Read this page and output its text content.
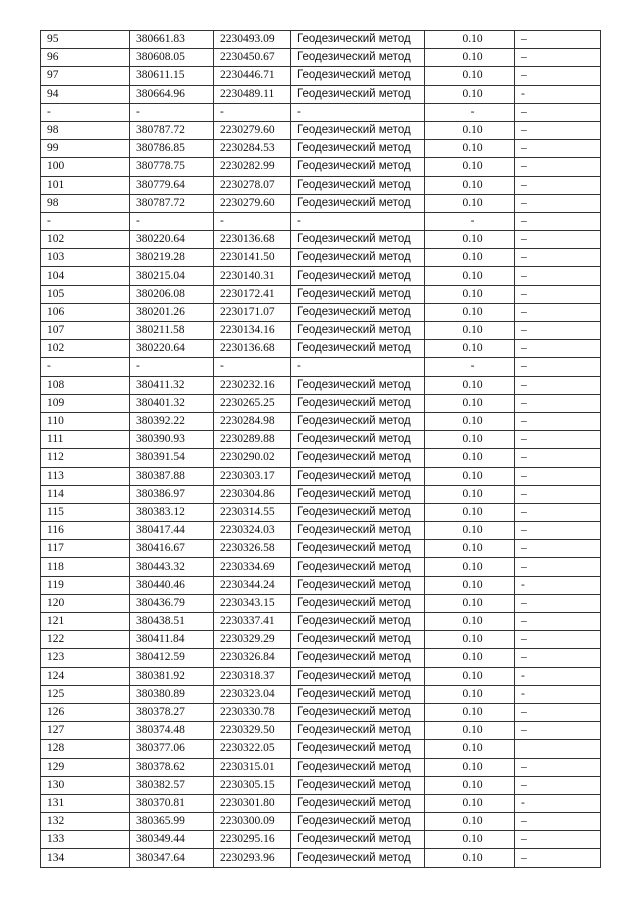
95	380661.83	2230493.09	Геодезический метод	0.10	–
96	380608.05	2230450.67	Геодезический метод	0.10	–
97	380611.15	2230446.71	Геодезический метод	0.10	–
94	380664.96	2230489.11	Геодезический метод	0.10	-
-	-	-	-	-	–
98	380787.72	2230279.60	Геодезический метод	0.10	–
99	380786.85	2230284.53	Геодезический метод	0.10	–
100	380778.75	2230282.99	Геодезический метод	0.10	–
101	380779.64	2230278.07	Геодезический метод	0.10	–
98	380787.72	2230279.60	Геодезический метод	0.10	–
-	-	-	-	-	–
102	380220.64	2230136.68	Геодезический метод	0.10	–
103	380219.28	2230141.50	Геодезический метод	0.10	–
104	380215.04	2230140.31	Геодезический метод	0.10	–
105	380206.08	2230172.41	Геодезический метод	0.10	–
106	380201.26	2230171.07	Геодезический метод	0.10	–
107	380211.58	2230134.16	Геодезический метод	0.10	–
102	380220.64	2230136.68	Геодезический метод	0.10	–
-	-	-	-	-	–
108	380411.32	2230232.16	Геодезический метод	0.10	–
109	380401.32	2230265.25	Геодезический метод	0.10	–
110	380392.22	2230284.98	Геодезический метод	0.10	–
111	380390.93	2230289.88	Геодезический метод	0.10	–
112	380391.54	2230290.02	Геодезический метод	0.10	–
113	380387.88	2230303.17	Геодезический метод	0.10	–
114	380386.97	2230304.86	Геодезический метод	0.10	–
115	380383.12	2230314.55	Геодезический метод	0.10	–
116	380417.44	2230324.03	Геодезический метод	0.10	–
117	380416.67	2230326.58	Геодезический метод	0.10	–
118	380443.32	2230334.69	Геодезический метод	0.10	–
119	380440.46	2230344.24	Геодезический метод	0.10	-
120	380436.79	2230343.15	Геодезический метод	0.10	–
121	380438.51	2230337.41	Геодезический метод	0.10	–
122	380411.84	2230329.29	Геодезический метод	0.10	–
123	380412.59	2230326.84	Геодезический метод	0.10	–
124	380381.92	2230318.37	Геодезический метод	0.10	-
125	380380.89	2230323.04	Геодезический метод	0.10	-
126	380378.27	2230330.78	Геодезический метод	0.10	–
127	380374.48	2230329.50	Геодезический метод	0.10	–
128	380377.06	2230322.05	Геодезический метод	0.10	
129	380378.62	2230315.01	Геодезический метод	0.10	–
130	380382.57	2230305.15	Геодезический метод	0.10	–
131	380370.81	2230301.80	Геодезический метод	0.10	-
132	380365.99	2230300.09	Геодезический метод	0.10	–
133	380349.44	2230295.16	Геодезический метод	0.10	–
134	380347.64	2230293.96	Геодезический метод	0.10	–
